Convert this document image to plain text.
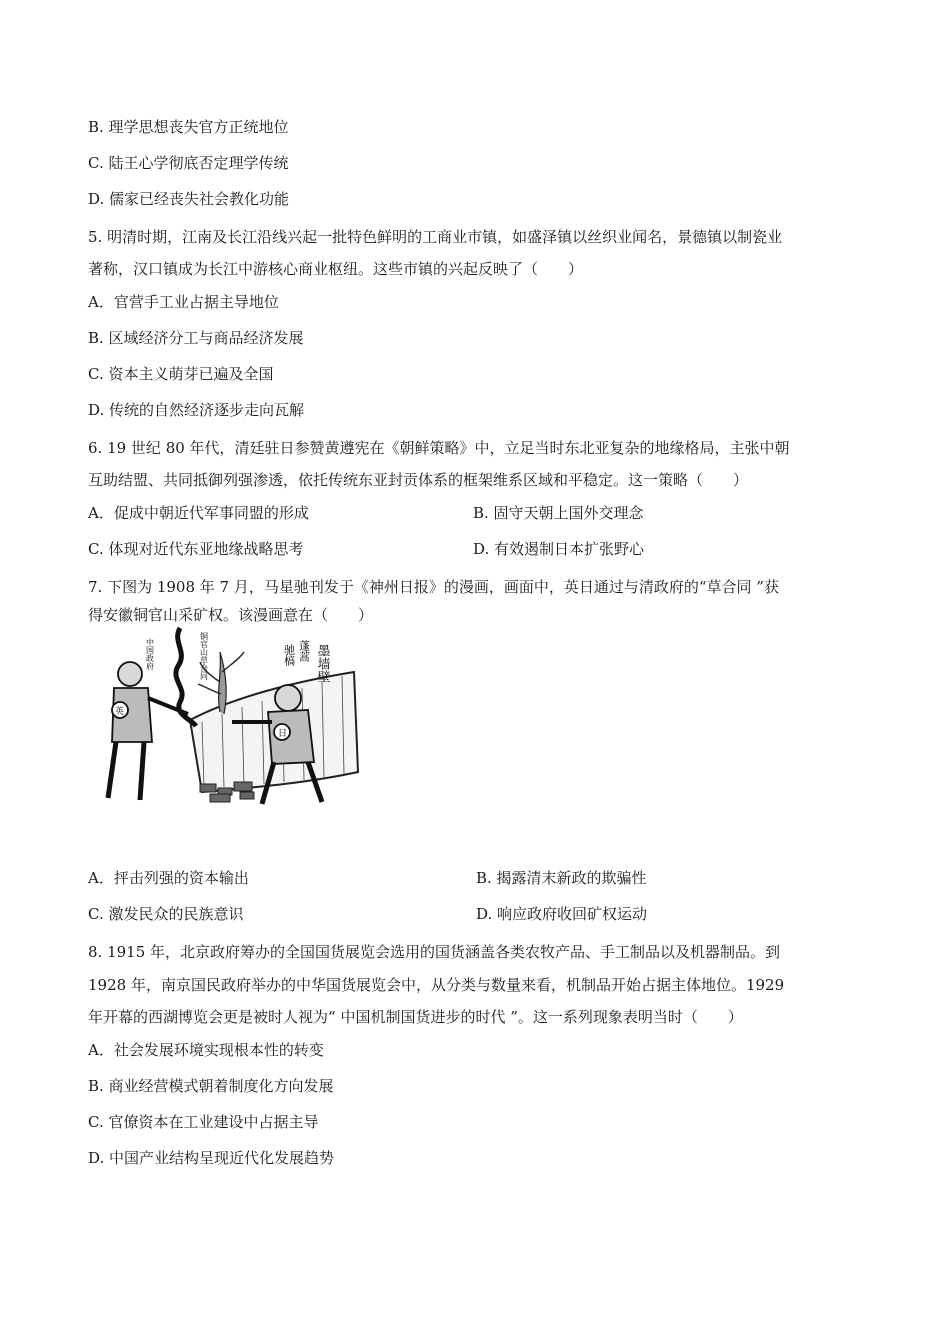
B. 理学思想丧失官方正统地位
C. 陆王心学彻底否定理学传统
D. 儒家已经丧失社会教化功能
5. 明清时期，江南及长江沿线兴起一批特色鲜明的工商业市镇，如盛泽镇以丝织业闻名，景德镇以制瓷业
著称，汉口镇成为长江中游核心商业枢纽。这些市镇的兴起反映了（　　）
A．官营手工业占据主导地位
B. 区域经济分工与商品经济发展
C. 资本主义萌芽已遍及全国
D. 传统的自然经济逐步走向瓦解
6. 19 世纪 80 年代，清廷驻日参赞黄遵宪在《朝鲜策略》中，立足当时东北亚复杂的地缘格局，主张中朝
互助结盟、共同抵御列强渗透，依托传统东亚封贡体系的框架维系区域和平稳定。这一策略（　　）
A．促成中朝近代军事同盟的形成	B. 固守天朝上国外交理念
C. 体现对近代东亚地缘战略思考	D. 有效遏制日本扩张野心
7. 下图为 1908 年 7 月，马星驰刊发于《神州日报》的漫画，画面中，英日通过与清政府的“草合同 ”获
得安徽铜官山采矿权。该漫画意在（　　）
墨墙壁
蓬蒿
驰槁
铜官山草合同
中国政府
英
日
A．抨击列强的资本输出	B. 揭露清末新政的欺骗性
C. 激发民众的民族意识	D. 响应政府收回矿权运动
8. 1915 年，北京政府筹办的全国国货展览会选用的国货涵盖各类农牧产品、手工制品以及机器制品。到
1928 年，南京国民政府举办的中华国货展览会中，从分类与数量来看，机制品开始占据主体地位。1929
年开幕的西湖博览会更是被时人视为“ 中国机制国货进步的时代 ”。这一系列现象表明当时（　　）
A．社会发展环境实现根本性的转变
B. 商业经营模式朝着制度化方向发展
C. 官僚资本在工业建设中占据主导
D. 中国产业结构呈现近代化发展趋势
